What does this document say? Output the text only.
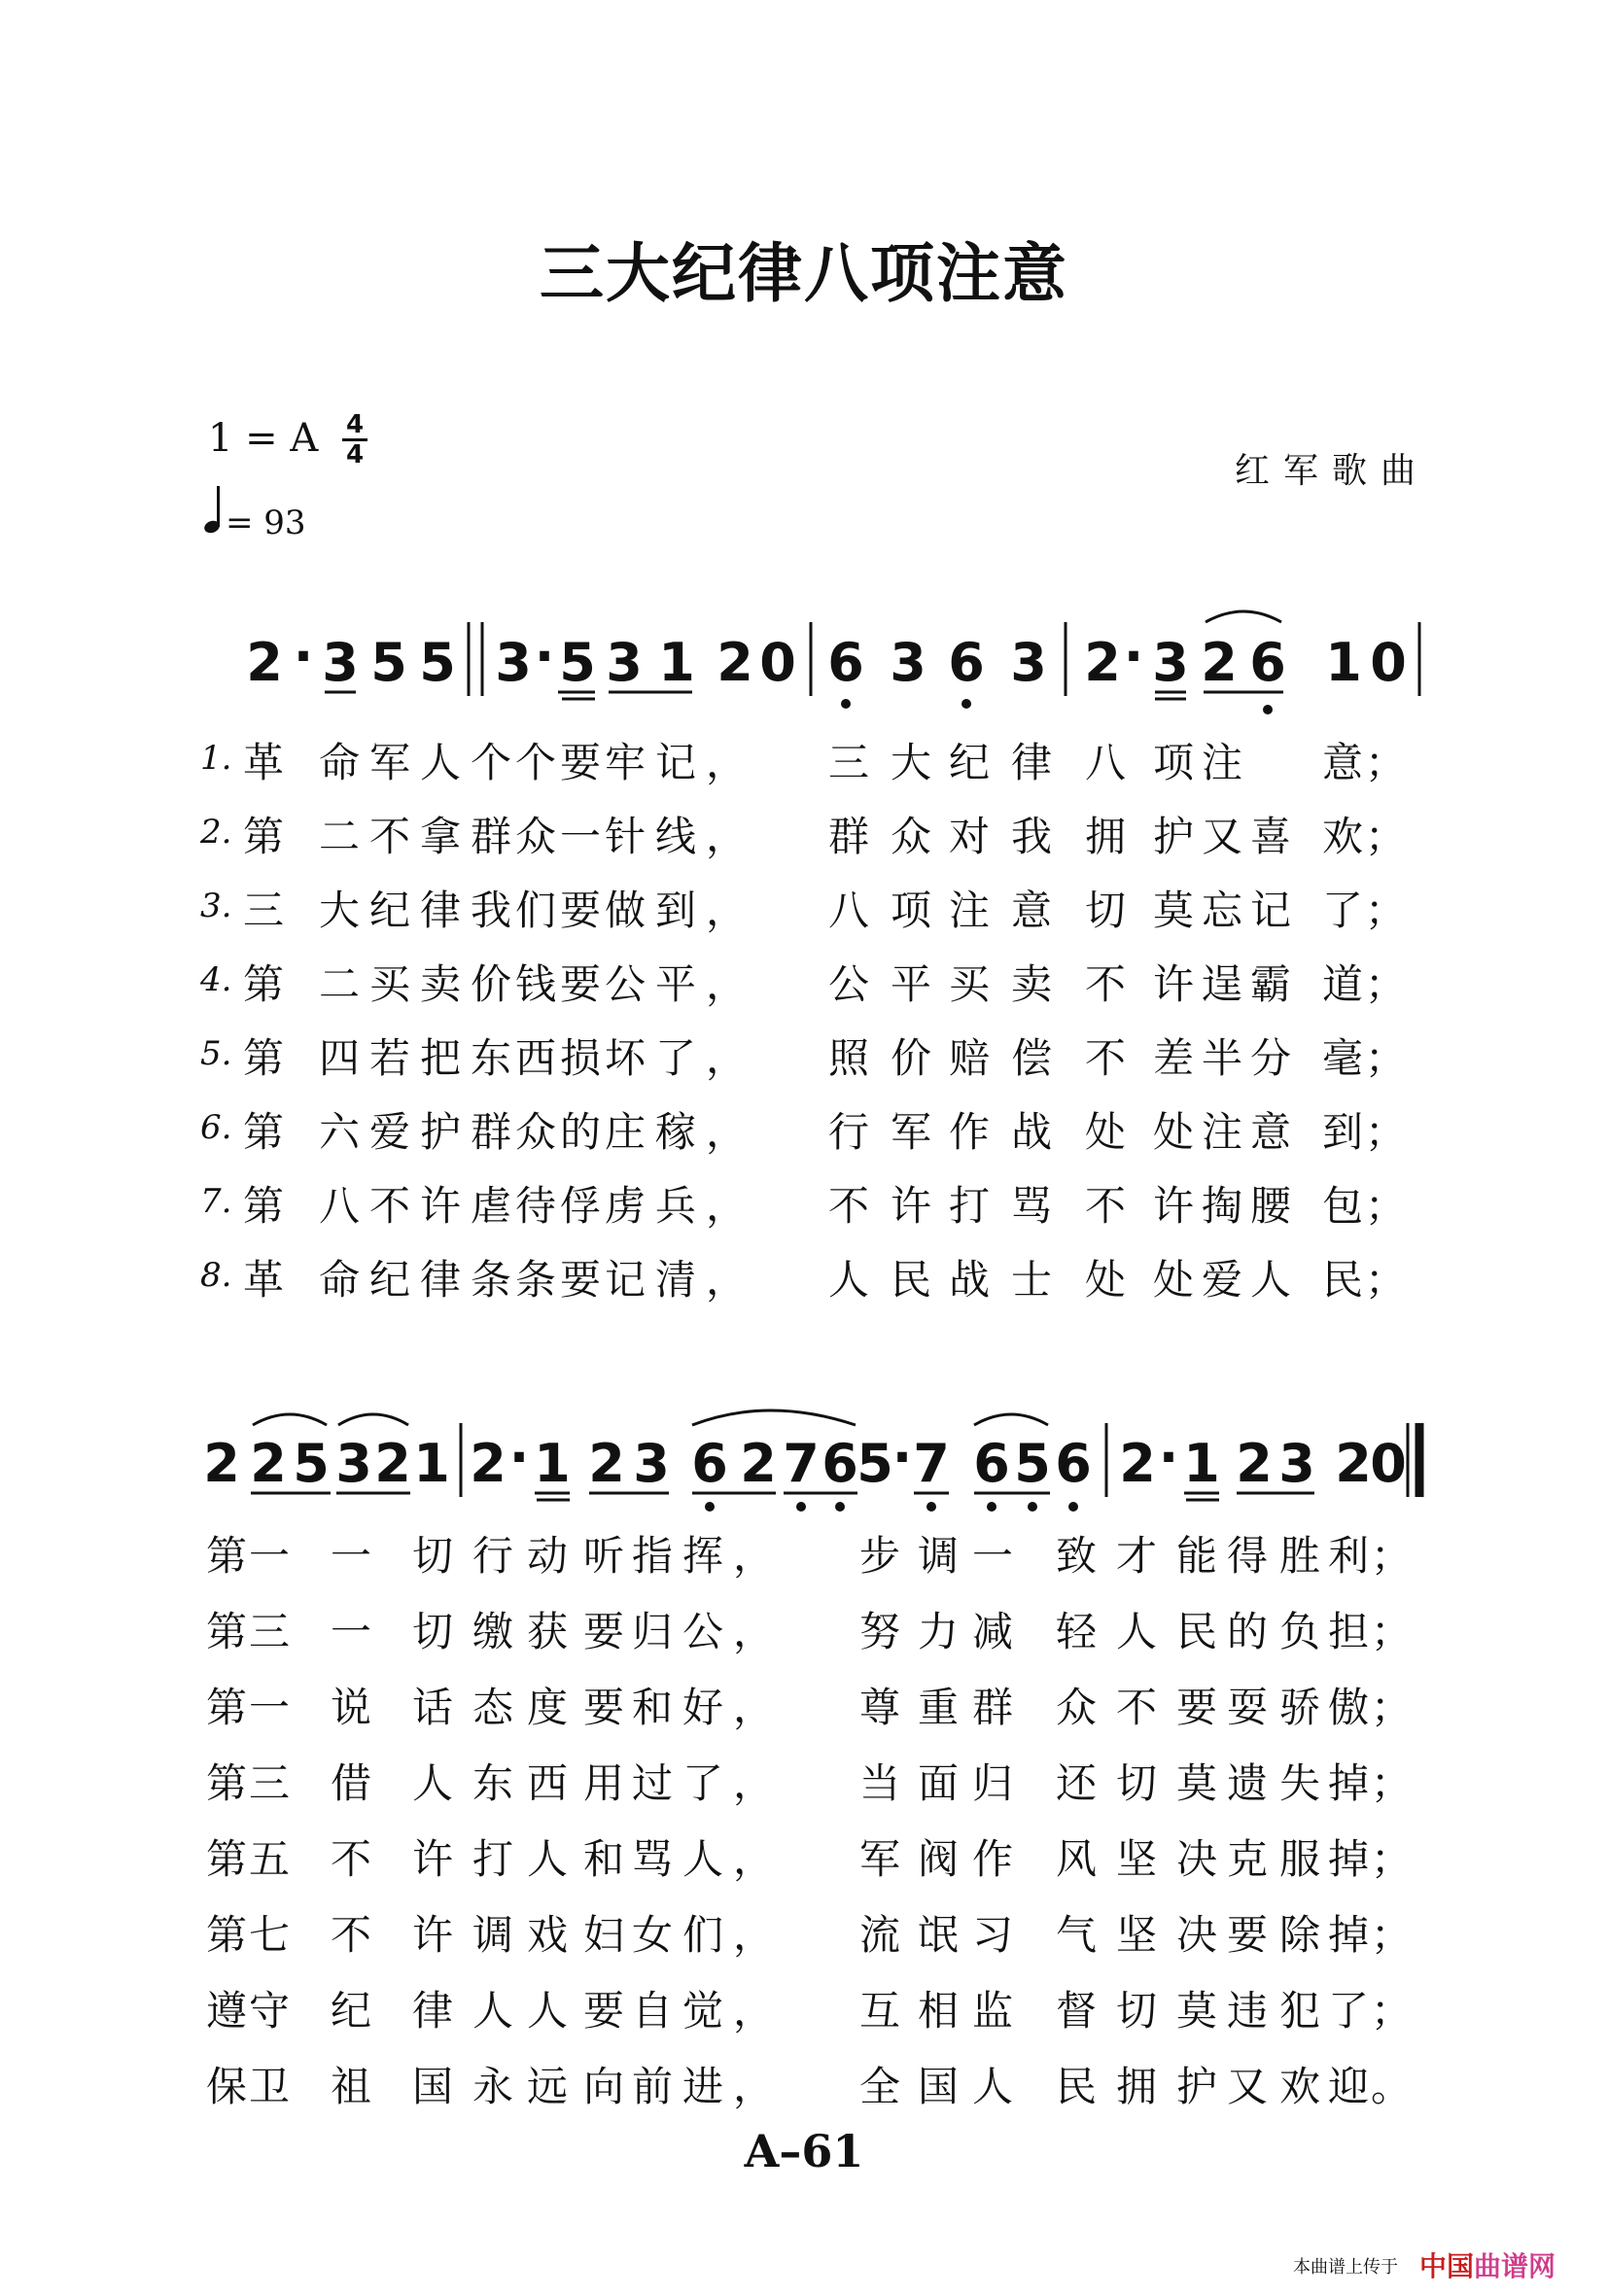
三大纪律八项注意
1 = A 4
4
= 93
红军歌曲
2 · 3 5 5 3 · 5 3 1 2 0 6 3 6 3 2 · 3 2 6 1 0
1. 革 命 军 人 个 个 要 牢 记 ， 三 大 纪 律 八 项 注 意 ；
2. 第 二 不 拿 群 众 一 针 线 ， 群 众 对 我 拥 护 又 喜 欢 ；
3. 三 大 纪 律 我 们 要 做 到 ， 八 项 注 意 切 莫 忘 记 了 ；
4. 第 二 买 卖 价 钱 要 公 平 ， 公 平 买 卖 不 许 逞 霸 道 ；
5. 第 四 若 把 东 西 损 坏 了 ， 照 价 赔 偿 不 差 半 分 毫 ；
6. 第 六 爱 护 群 众 的 庄 稼 ， 行 军 作 战 处 处 注 意 到 ；
7. 第 八 不 许 虐 待 俘 虏 兵 ， 不 许 打 骂 不 许 掏 腰 包 ；
8. 革 命 纪 律 条 条 要 记 清 ， 人 民 战 士 处 处 爱 人 民 ；
2 2 5 3 2 1 2 · 1 2 3 6 2 7 6
5
· 7 6 5 6 2 · 1 2 3 2
0
第 一 一 切 行 动 听 指 挥 ， 步 调 一 致 才 能 得 胜 利 ；
第 三 一 切 缴 获 要 归 公 ， 努 力 减 轻 人 民 的 负 担 ；
第 一 说 话 态 度 要 和 好 ， 尊 重 群 众 不 要 耍 骄 傲 ；
第 三 借 人 东 西 用 过 了 ， 当 面 归 还 切 莫 遗 失 掉 ；
第 五 不 许 打 人 和 骂 人 ， 军 阀 作 风 坚 决 克 服 掉 ；
第 七 不 许 调 戏 妇 女 们 ， 流 氓 习 气 坚 决 要 除 掉 ；
遵 守 纪 律 人 人 要 自 觉 ， 互 相 监 督 切 莫 违 犯 了 ；
保 卫 祖 国 永 远 向 前 进 ， 全 国 人 民 拥 护 又 欢 迎 。
A–61
本曲谱上传于 中国曲谱网
